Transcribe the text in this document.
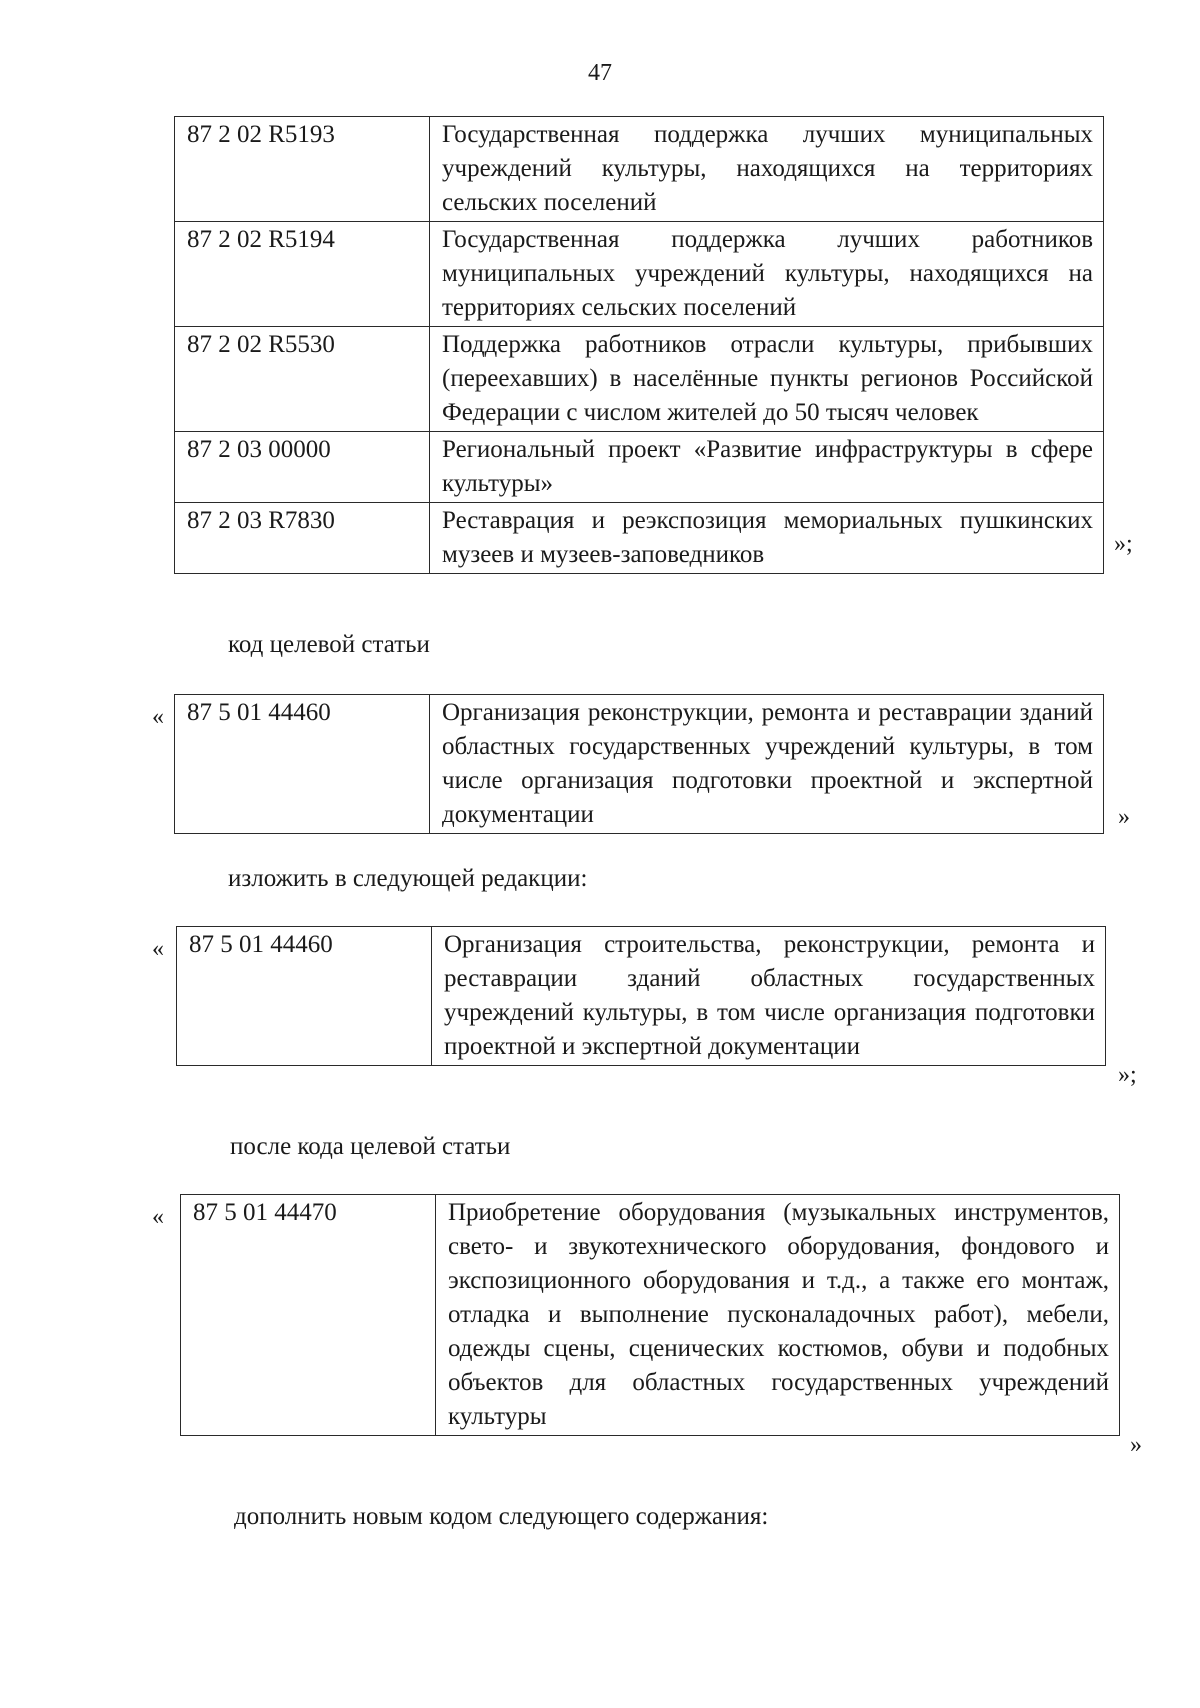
47
87 2 02 R5193	Государственная поддержка лучших муниципальных учреждений культуры, находящихся на территориях сельских поселений
87 2 02 R5194	Государственная поддержка лучших работников муниципальных учреждений культуры, находящихся на территориях сельских поселений
87 2 02 R5530	Поддержка работников отрасли культуры, прибывших (переехавших) в населённые пункты регионов Российской Федерации с числом жителей до 50 тысяч человек
87 2 03 00000	Региональный проект «Развитие инфраструктуры в сфере культуры»
87 2 03 R7830	Реставрация и реэкспозиция мемориальных пушкинских музеев и музеев-заповедников	»;
код целевой статьи
« 87 5 01 44460	Организация реконструкции, ремонта и реставрации зданий областных государственных учреждений культуры, в том числе организация подготовки проектной и экспертной документации	»
изложить в следующей редакции:
« 87 5 01 44460	Организация строительства, реконструкции, ремонта и реставрации зданий областных государственных учреждений культуры, в том числе организация подготовки проектной и экспертной документации
»;
после кода целевой статьи
« 87 5 01 44470	Приобретение оборудования (музыкальных инструментов, свето- и звукотехнического оборудования, фондового и экспозиционного оборудования и т.д., а также его монтаж, отладка и выполнение пусконаладочных работ), мебели, одежды сцены, сценических костюмов, обуви и подобных объектов для областных государственных учреждений культуры
»
дополнить новым кодом следующего содержания:
